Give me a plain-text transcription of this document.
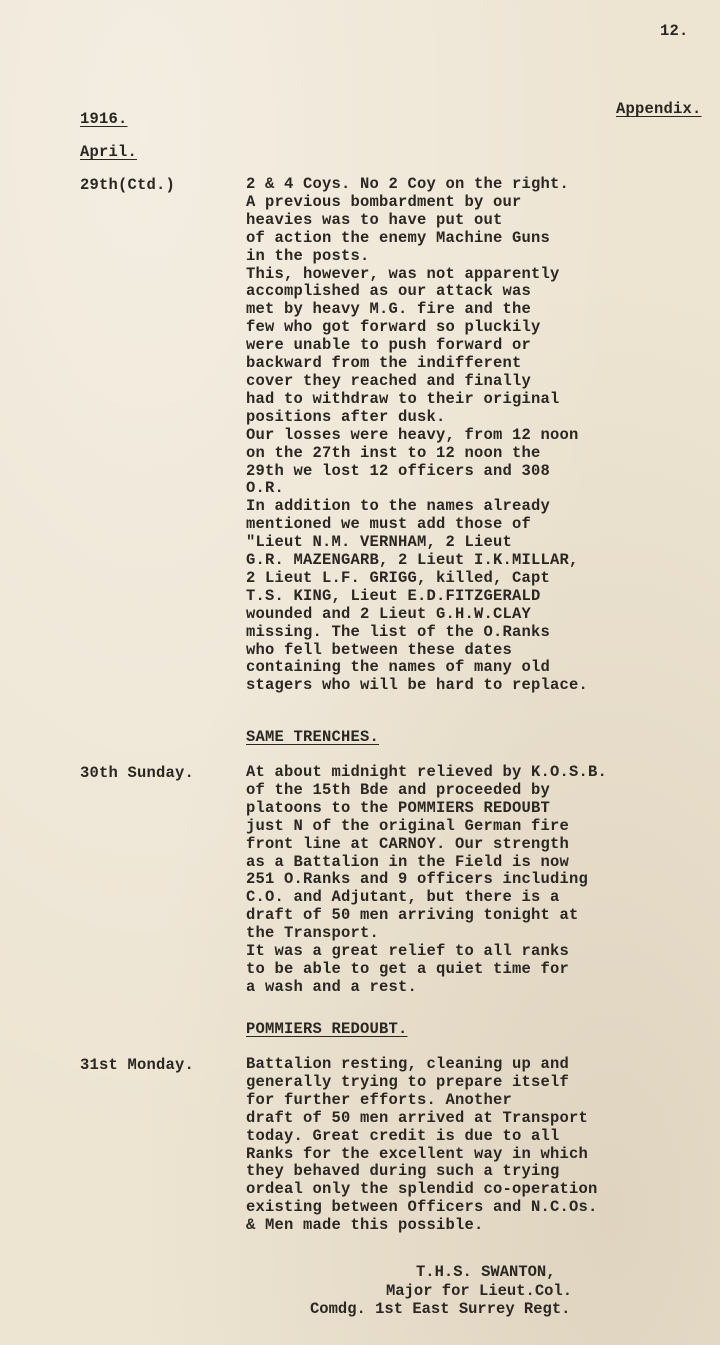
12.

Appendix.

1916.

April.

29th(Ctd.)	2 & 4 Coys. No 2 Coy on the right.
A previous bombardment by our
heavies was to have put out
of action the enemy Machine Guns
in the posts.
This, however, was not apparently
accomplished as our attack was
met by heavy M.G. fire and the
few who got forward so pluckily
were unable to push forward or
backward from the indifferent
cover they reached and finally
had to withdraw to their original
positions after dusk.
Our losses were heavy, from 12 noon
on the 27th inst to 12 noon the
29th we lost 12 officers and 308
O.R.
In addition to the names already
mentioned we must add those of
"Lieut N.M. VERNHAM, 2 Lieut
G.R. MAZENGARB, 2 Lieut I.K.MILLAR,
2 Lieut L.F. GRIGG, killed, Capt
T.S. KING, Lieut E.D.FITZGERALD
wounded and 2 Lieut G.H.W.CLAY
missing. The list of the O.Ranks
who fell between these dates
containing the names of many old
stagers who will be hard to replace.

SAME TRENCHES.

30th Sunday.	At about midnight relieved by K.O.S.B.
of the 15th Bde and proceeded by
platoons to the POMMIERS REDOUBT
just N of the original German fire
front line at CARNOY. Our strength
as a Battalion in the Field is now
251 O.Ranks and 9 officers including
C.O. and Adjutant, but there is a
draft of 50 men arriving tonight at
the Transport.
It was a great relief to all ranks
to be able to get a quiet time for
a wash and a rest.

POMMIERS REDOUBT.

31st Monday.	Battalion resting, cleaning up and
generally trying to prepare itself
for further efforts. Another
draft of 50 men arrived at Transport
today. Great credit is due to all
Ranks for the excellent way in which
they behaved during such a trying
ordeal only the splendid co-operation
existing between Officers and N.C.Os.
& Men made this possible.

T.H.S. SWANTON,

Major for Lieut.Col.

Comdg. 1st East Surrey Regt.
